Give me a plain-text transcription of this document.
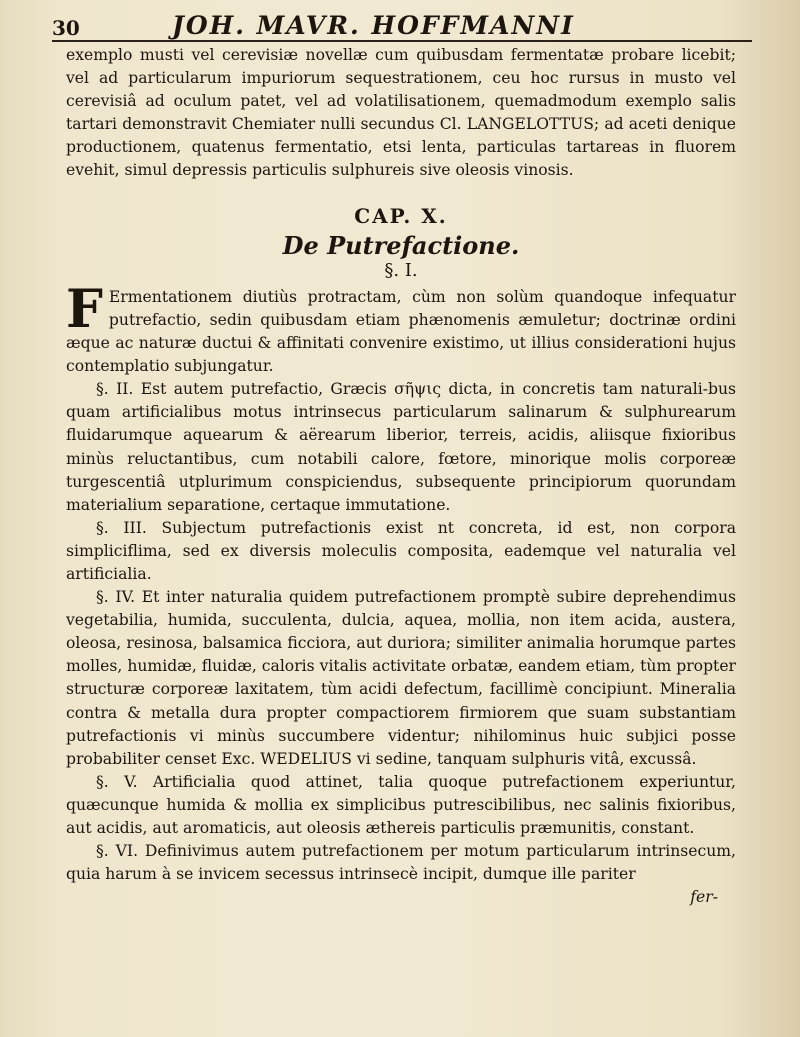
30	JOH. MAVR. HOFFMANNI

exemplo musti vel cerevisiæ novellæ cum quibusdam fermentatæ probare licebit; vel ad particularum impuriorum sequestrationem, ceu hoc rursus in musto vel cerevisiâ ad oculum patet, vel ad volatilisationem, quemadmodum exemplo salis tartari demonstravit Chemiater nulli secundus Cl. LANGELOTTUS; ad aceti denique productionem, quatenus fermentatio, etsi lenta, particulas tartareas in fluorem evehit, simul depressis particulis sulphureis sive oleosis vinosis.

CAP. X.
De Putrefactione.
§. I.

F Ermentationem diutiùs protractam, cùm non solùm quandoque infequatur putrefactio, sedin quibusdam etiam phænomenis æmuletur; doctrinæ ordini æque ac naturæ ductui & affinitati convenire existimo, ut illius considerationi hujus contemplatio subjungatur.

§. II. Est autem putrefactio, Græcis σῆψις dicta, in concretis tam naturali-bus quam artificialibus motus intrinsecus particularum salinarum & sulphurearum fluidarumque aquearum & aërearum liberior, terreis, acidis, aliisque fixioribus minùs reluctantibus, cum notabili calore, fœtore, minorique molis corporeæ turgescentiâ utplurimum conspiciendus, subsequente principiorum quorundam materialium separatione, certaque immutatione.

§. III. Subjectum putrefactionis exist nt concreta, id est, non corpora simpliciflima, sed ex diversis moleculis composita, eademque vel naturalia vel artificialia.

§. IV. Et inter naturalia quidem putrefactionem promptè subire deprehendimus vegetabilia, humida, succulenta, dulcia, aquea, mollia, non item acida, austera, oleosa, resinosa, balsamica ficciora, aut duriora; similiter animalia horumque partes molles, humidæ, fluidæ, caloris vitalis activitate orbatæ, eandem etiam, tùm propter structuræ corporeæ laxitatem, tùm acidi defectum, facillimè concipiunt. Mineralia contra & metalla dura propter compactiorem firmiorem que suam substantiam putrefactionis vi minùs succumbere videntur; nihilominus huic subjici posse probabiliter censet Exc. WEDELIUS vi sedine, tanquam sulphuris vitâ, excussâ.

§. V. Artificialia quod attinet, talia quoque putrefactionem experiuntur, quæcunque humida & mollia ex simplicibus putrescibilibus, nec salinis fixioribus, aut acidis, aut aromaticis, aut oleosis æthereis particulis præmunitis, constant.

§. VI. Definivimus autem putrefactionem per motum particularum intrinsecum, quia harum à se invicem secessus intrinsecè incipit, dumque ille pariter

fer-
